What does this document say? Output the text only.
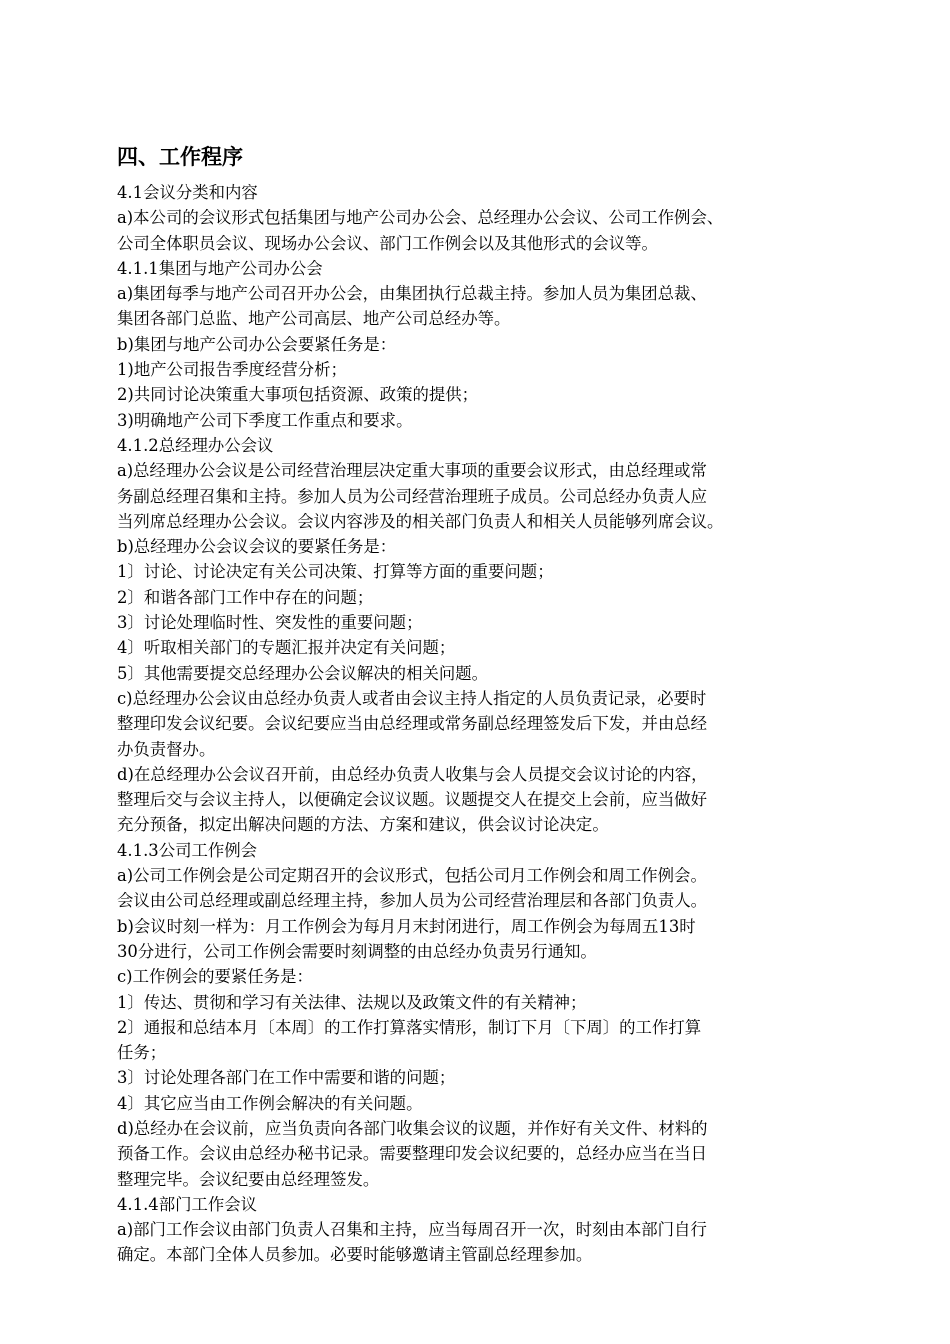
四、工作程序
4.1会议分类和内容
a)本公司的会议形式包括集团与地产公司办公会、总经理办公会议、公司工作例会、
公司全体职员会议、现场办公会议、部门工作例会以及其他形式的会议等。
4.1.1集团与地产公司办公会
a)集团每季与地产公司召开办公会，由集团执行总裁主持。参加人员为集团总裁、
集团各部门总监、地产公司高层、地产公司总经办等。
b)集团与地产公司办公会要紧任务是：
1)地产公司报告季度经营分析；
2)共同讨论决策重大事项包括资源、政策的提供；
3)明确地产公司下季度工作重点和要求。
4.1.2总经理办公会议
a)总经理办公会议是公司经营治理层决定重大事项的重要会议形式，由总经理或常
务副总经理召集和主持。参加人员为公司经营治理班子成员。公司总经办负责人应
当列席总经理办公会议。会议内容涉及的相关部门负责人和相关人员能够列席会议。
b)总经理办公会议会议的要紧任务是：
1〕讨论、讨论决定有关公司决策、打算等方面的重要问题；
2〕和谐各部门工作中存在的问题；
3〕讨论处理临时性、突发性的重要问题；
4〕听取相关部门的专题汇报并决定有关问题；
5〕其他需要提交总经理办公会议解决的相关问题。
c)总经理办公会议由总经办负责人或者由会议主持人指定的人员负责记录，必要时
整理印发会议纪要。会议纪要应当由总经理或常务副总经理签发后下发，并由总经
办负责督办。
d)在总经理办公会议召开前，由总经办负责人收集与会人员提交会议讨论的内容，
整理后交与会议主持人，以便确定会议议题。议题提交人在提交上会前，应当做好
充分预备，拟定出解决问题的方法、方案和建议，供会议讨论决定。
4.1.3公司工作例会
a)公司工作例会是公司定期召开的会议形式，包括公司月工作例会和周工作例会。
会议由公司总经理或副总经理主持，参加人员为公司经营治理层和各部门负责人。
b)会议时刻一样为：月工作例会为每月月末封闭进行，周工作例会为每周五13时
30分进行，公司工作例会需要时刻调整的由总经办负责另行通知。
c)工作例会的要紧任务是：
1〕传达、贯彻和学习有关法律、法规以及政策文件的有关精神；
2〕通报和总结本月〔本周〕的工作打算落实情形，制订下月〔下周〕的工作打算
任务；
3〕讨论处理各部门在工作中需要和谐的问题；
4〕其它应当由工作例会解决的有关问题。
d)总经办在会议前，应当负责向各部门收集会议的议题，并作好有关文件、材料的
预备工作。会议由总经办秘书记录。需要整理印发会议纪要的，总经办应当在当日
整理完毕。会议纪要由总经理签发。
4.1.4部门工作会议
a)部门工作会议由部门负责人召集和主持，应当每周召开一次，时刻由本部门自行
确定。本部门全体人员参加。必要时能够邀请主管副总经理参加。
